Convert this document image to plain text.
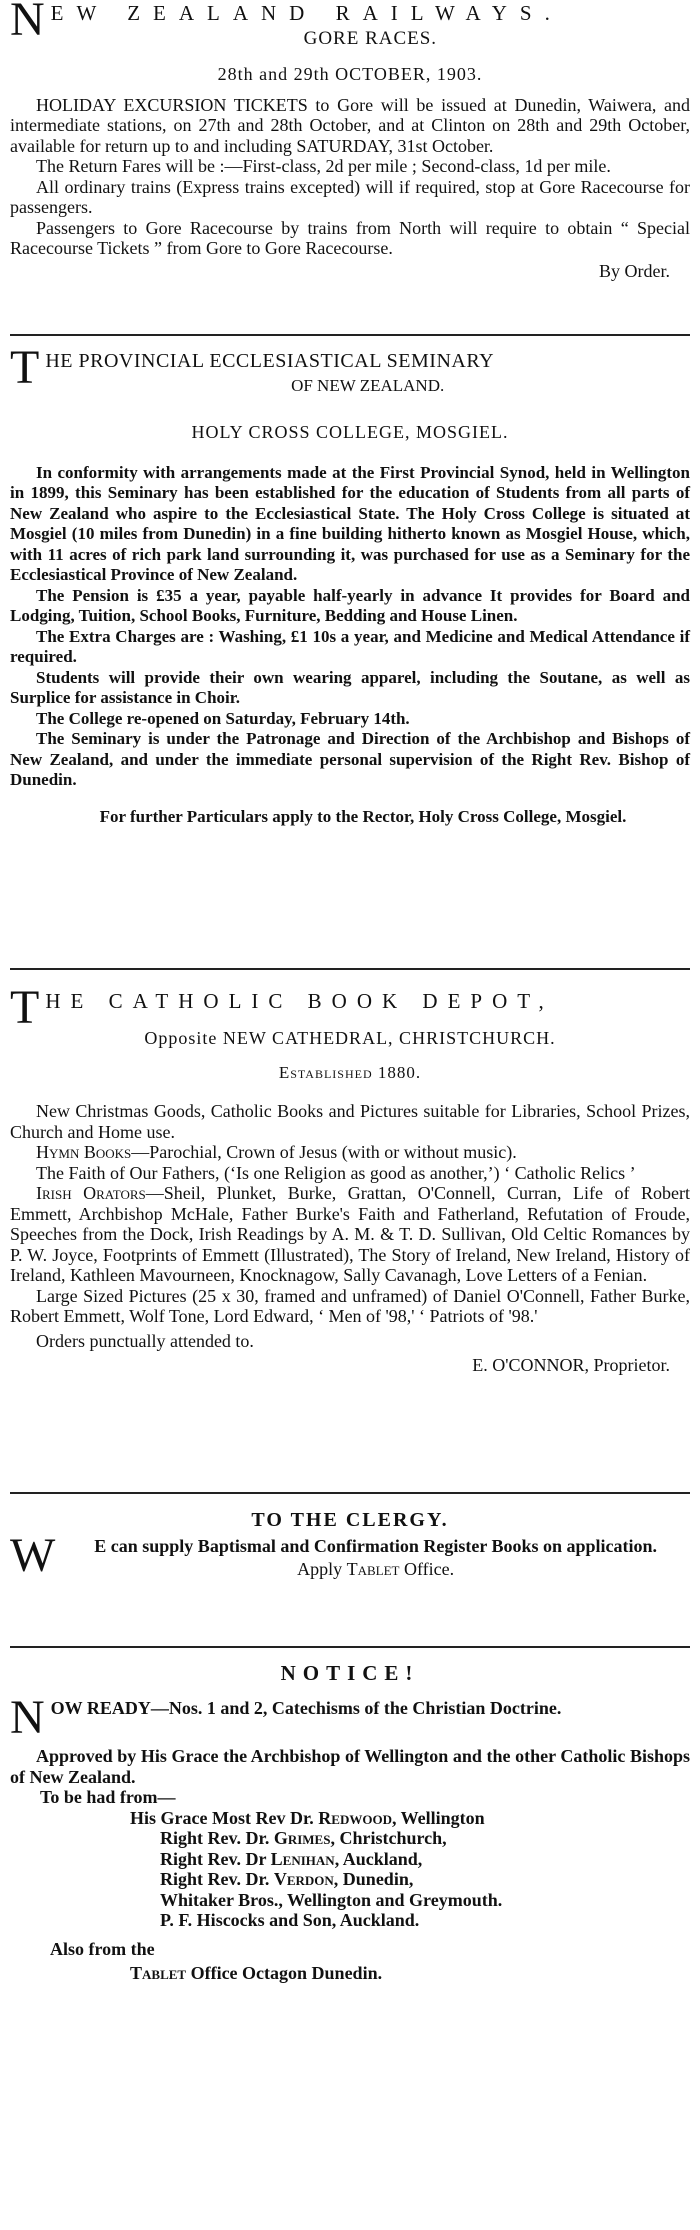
N EW ZEALAND RAILWAYS.
GORE RACES.

28th and 29th OCTOBER, 1903.

HOLIDAY EXCURSION TICKETS to Gore will be issued at Dunedin, Waiwera, and intermediate stations, on 27th and 28th October, and at Clinton on 28th and 29th October, available for return up to and including SATURDAY, 31st October.

The Return Fares will be :—First-class, 2d per mile ; Second-class, 1d per mile.

All ordinary trains (Express trains excepted) will if required, stop at Gore Racecourse for passengers.

Passengers to Gore Racecourse by trains from North will require to obtain “ Special Racecourse Tickets ” from Gore to Gore Racecourse.

By Order.

T HE PROVINCIAL ECCLESIASTICAL SEMINARY
OF NEW ZEALAND.

HOLY CROSS COLLEGE, MOSGIEL.

In conformity with arrangements made at the First Provincial Synod, held in Wellington in 1899, this Seminary has been established for the education of Students from all parts of New Zealand who aspire to the Ecclesiastical State. The Holy Cross College is situated at Mosgiel (10 miles from Dunedin) in a fine building hitherto known as Mosgiel House, which, with 11 acres of rich park land surrounding it, was purchased for use as a Seminary for the Ecclesiastical Province of New Zealand.

The Pension is £35 a year, payable half-yearly in advance It provides for Board and Lodging, Tuition, School Books, Furniture, Bedding and House Linen.

The Extra Charges are : Washing, £1 10s a year, and Medicine and Medical Attendance if required.

Students will provide their own wearing apparel, including the Soutane, as well as Surplice for assistance in Choir.

The College re-opened on Saturday, February 14th.

The Seminary is under the Patronage and Direction of the Archbishop and Bishops of New Zealand, and under the immediate personal supervision of the Right Rev. Bishop of Dunedin.

For further Particulars apply to the Rector, Holy Cross College, Mosgiel.

T HE CATHOLIC BOOK DEPOT,

Opposite NEW CATHEDRAL, CHRISTCHURCH.

Established 1880.

New Christmas Goods, Catholic Books and Pictures suitable for Libraries, School Prizes, Church and Home use.

Hymn Books—Parochial, Crown of Jesus (with or without music).

The Faith of Our Fathers, (‘Is one Religion as good as another,’) ‘ Catholic Relics ’

Irish Orators—Sheil, Plunket, Burke, Grattan, O'Connell, Curran, Life of Robert Emmett, Archbishop McHale, Father Burke's Faith and Fatherland, Refutation of Froude, Speeches from the Dock, Irish Readings by A. M. & T. D. Sullivan, Old Celtic Romances by P. W. Joyce, Footprints of Emmett (Illustrated), The Story of Ireland, New Ireland, History of Ireland, Kathleen Mavourneen, Knocknagow, Sally Cavanagh, Love Letters of a Fenian.

Large Sized Pictures (25 x 30, framed and unframed) of Daniel O'Connell, Father Burke, Robert Emmett, Wolf Tone, Lord Edward, ‘ Men of '98,' ‘ Patriots of '98.'

Orders punctually attended to.

E. O'CONNOR, Proprietor.

TO THE CLERGY.

W	E can supply Baptismal and Confirmation Register Books on application.

Apply Tablet Office.

NOTICE!

N OW READY—Nos. 1 and 2, Catechisms of the Christian Doctrine.

Approved by His Grace the Archbishop of Wellington and the other Catholic Bishops of New Zealand.

To be had from—

His Grace Most Rev Dr. Redwood, Wellington

Right Rev. Dr. Grimes, Christchurch,

Right Rev. Dr Lenihan, Auckland,

Right Rev. Dr. Verdon, Dunedin,

Whitaker Bros., Wellington and Greymouth.

P. F. Hiscocks and Son, Auckland.

Also from the

Tablet Office Octagon Dunedin.
